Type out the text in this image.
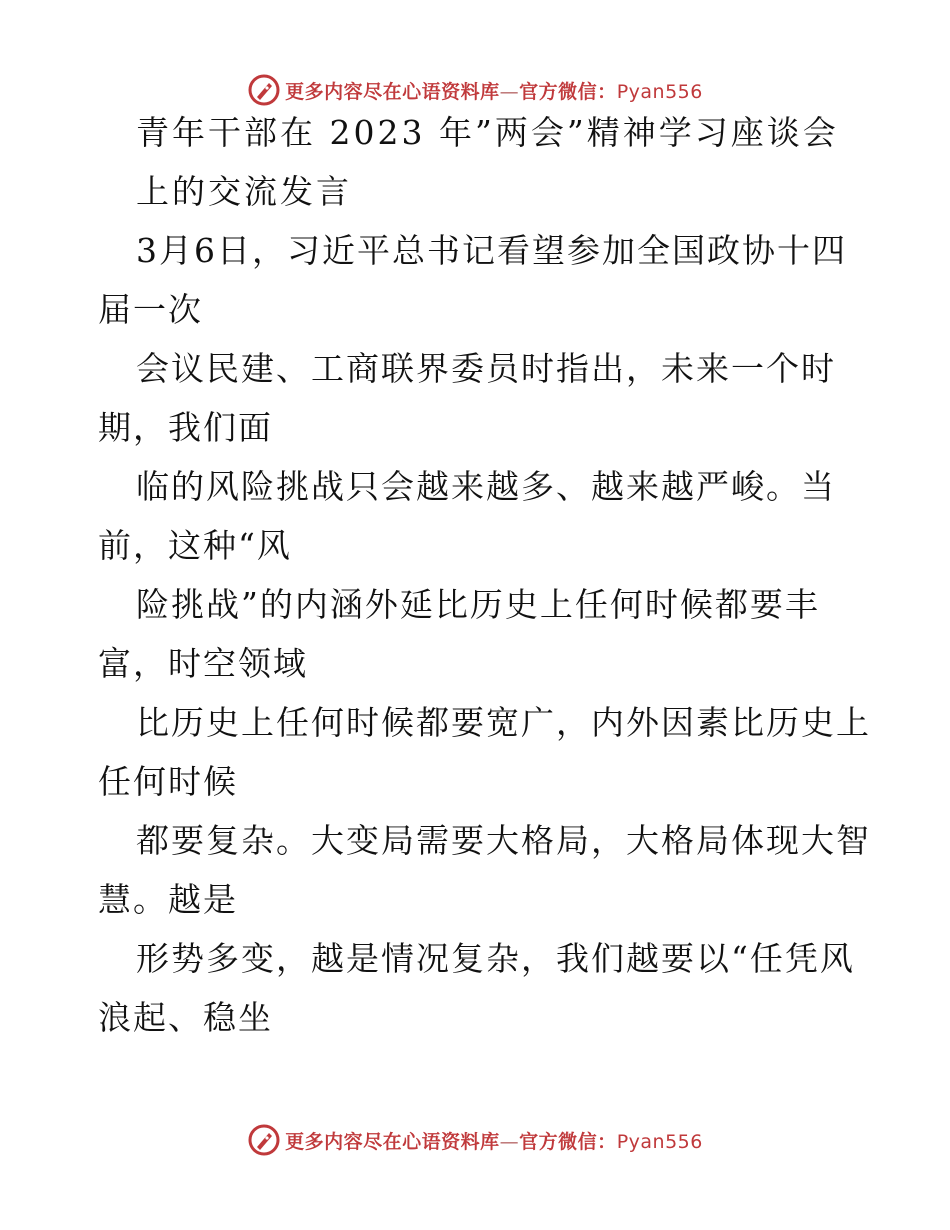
更多内容尽在心语资料库—官方微信：Pyan556
青年干部在 2023 年”两会”精神学习座谈会
上的交流发言
3月6日，习近平总书记看望参加全国政协十四
届一次
会议民建、工商联界委员时指出，未来一个时
期，我们面
临的风险挑战只会越来越多、越来越严峻。当
前，这种“风
险挑战”的内涵外延比历史上任何时候都要丰
富，时空领域
比历史上任何时候都要宽广，内外因素比历史上
任何时候
都要复杂。大变局需要大格局，大格局体现大智
慧。越是
形势多变，越是情况复杂，我们越要以“任凭风
浪起、稳坐
更多内容尽在心语资料库—官方微信：Pyan556
